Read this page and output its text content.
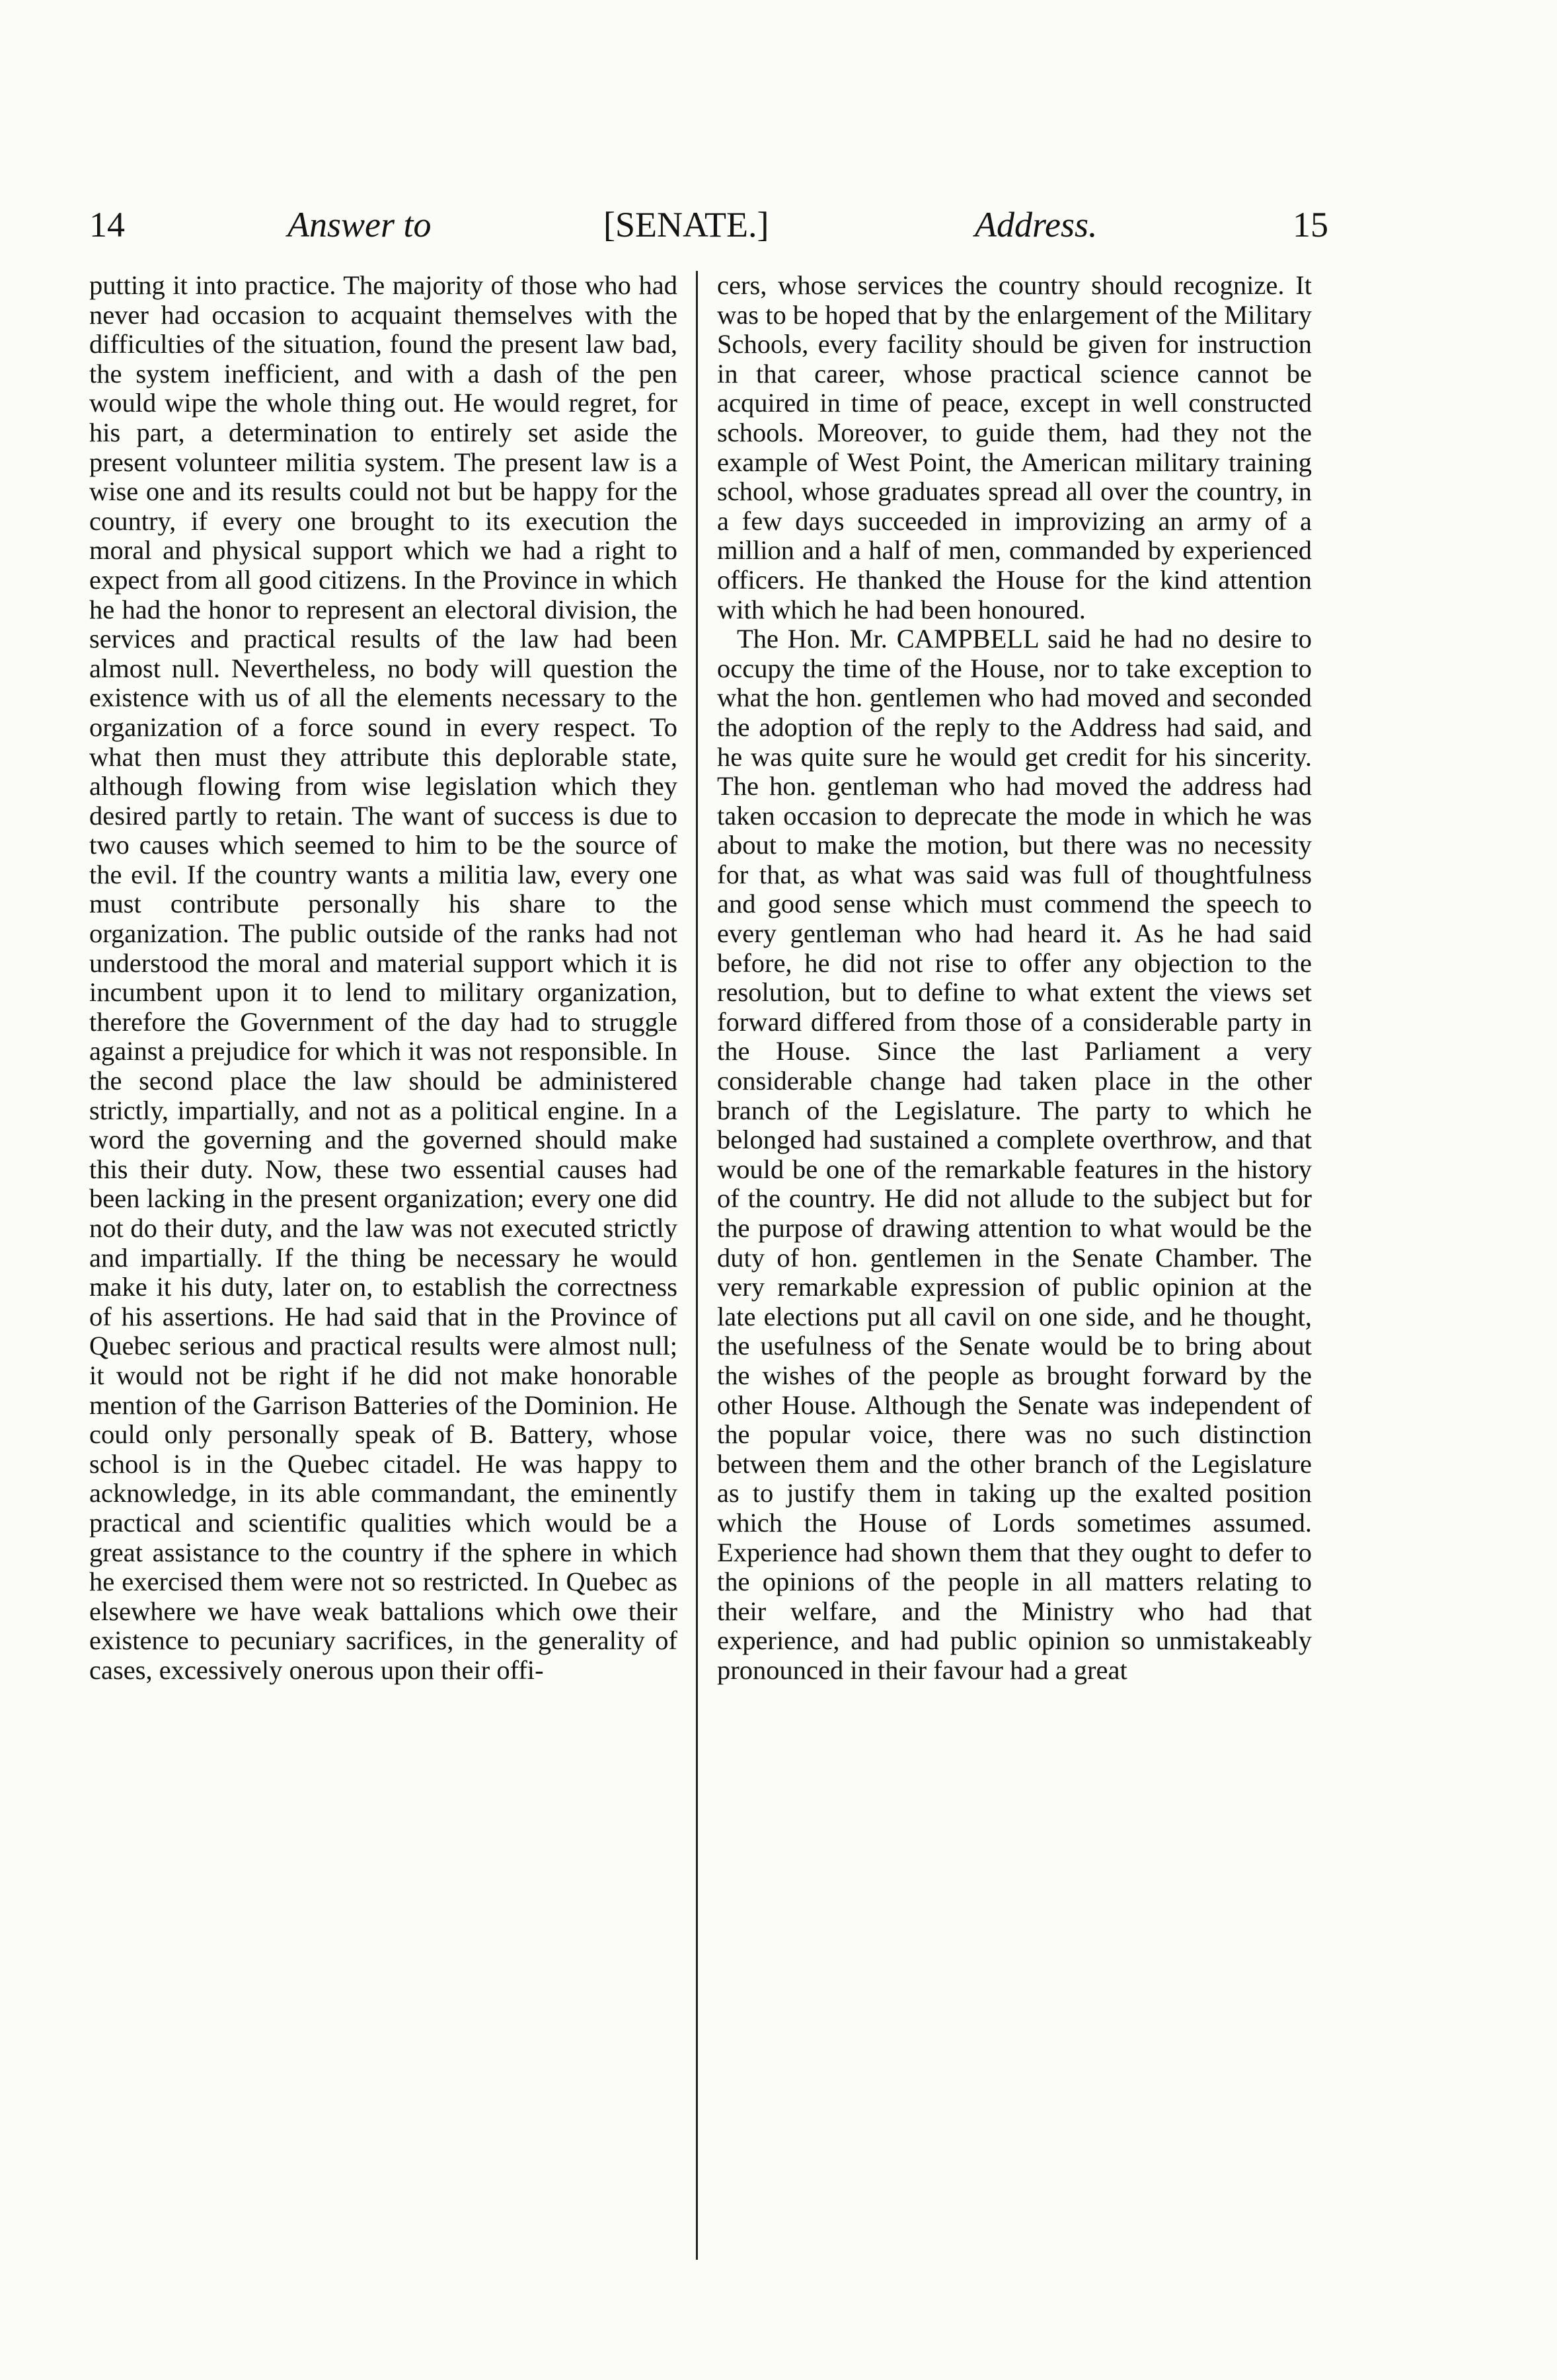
14	Answer to	[SENATE.]	Address.	15

putting it into practice. The majority of those who had never had occasion to acquaint themselves with the difficulties of the situation, found the present law bad, the system inefficient, and with a dash of the pen would wipe the whole thing out. He would regret, for his part, a determination to entirely set aside the present volunteer militia system. The present law is a wise one and its results could not but be happy for the country, if every one brought to its execution the moral and physical support which we had a right to expect from all good citizens. In the Province in which he had the honor to represent an electoral division, the services and practical results of the law had been almost null. Nevertheless, no body will question the existence with us of all the elements necessary to the organization of a force sound in every respect. To what then must they attribute this deplorable state, although flowing from wise legislation which they desired partly to retain. The want of success is due to two causes which seemed to him to be the source of the evil. If the country wants a militia law, every one must contribute personally his share to the organization. The public outside of the ranks had not understood the moral and material support which it is incumbent upon it to lend to military organization, therefore the Government of the day had to struggle against a prejudice for which it was not responsible. In the second place the law should be administered strictly, impartially, and not as a political engine. In a word the governing and the governed should make this their duty. Now, these two essential causes had been lacking in the present organization; every one did not do their duty, and the law was not executed strictly and impartially. If the thing be necessary he would make it his duty, later on, to establish the correctness of his assertions. He had said that in the Province of Quebec serious and practical results were almost null; it would not be right if he did not make honorable mention of the Garrison Batteries of the Dominion. He could only personally speak of B. Battery, whose school is in the Quebec citadel. He was happy to acknowledge, in its able commandant, the eminently practical and scientific qualities which would be a great assistance to the country if the sphere in which he exercised them were not so restricted. In Quebec as elsewhere we have weak battalions which owe their existence to pecuniary sacrifices, in the generality of cases, excessively onerous upon their offi-

cers, whose services the country should recognize. It was to be hoped that by the enlargement of the Military Schools, every facility should be given for instruction in that career, whose practical science cannot be acquired in time of peace, except in well constructed schools. Moreover, to guide them, had they not the example of West Point, the American military training school, whose graduates spread all over the country, in a few days succeeded in improvizing an army of a million and a half of men, commanded by experienced officers. He thanked the House for the kind attention with which he had been honoured.

The Hon. Mr. CAMPBELL said he had no desire to occupy the time of the House, nor to take exception to what the hon. gentlemen who had moved and seconded the adoption of the reply to the Address had said, and he was quite sure he would get credit for his sincerity. The hon. gentleman who had moved the address had taken occasion to deprecate the mode in which he was about to make the motion, but there was no necessity for that, as what was said was full of thoughtfulness and good sense which must commend the speech to every gentleman who had heard it. As he had said before, he did not rise to offer any objection to the resolution, but to define to what extent the views set forward differed from those of a considerable party in the House. Since the last Parliament a very considerable change had taken place in the other branch of the Legislature. The party to which he belonged had sustained a complete overthrow, and that would be one of the remarkable features in the history of the country. He did not allude to the subject but for the purpose of drawing attention to what would be the duty of hon. gentlemen in the Senate Chamber. The very remarkable expression of public opinion at the late elections put all cavil on one side, and he thought, the usefulness of the Senate would be to bring about the wishes of the people as brought forward by the other House. Although the Senate was independent of the popular voice, there was no such distinction between them and the other branch of the Legislature as to justify them in taking up the exalted position which the House of Lords sometimes assumed. Experience had shown them that they ought to defer to the opinions of the people in all matters relating to their welfare, and the Ministry who had that experience, and had public opinion so unmistakeably pronounced in their favour had a great
